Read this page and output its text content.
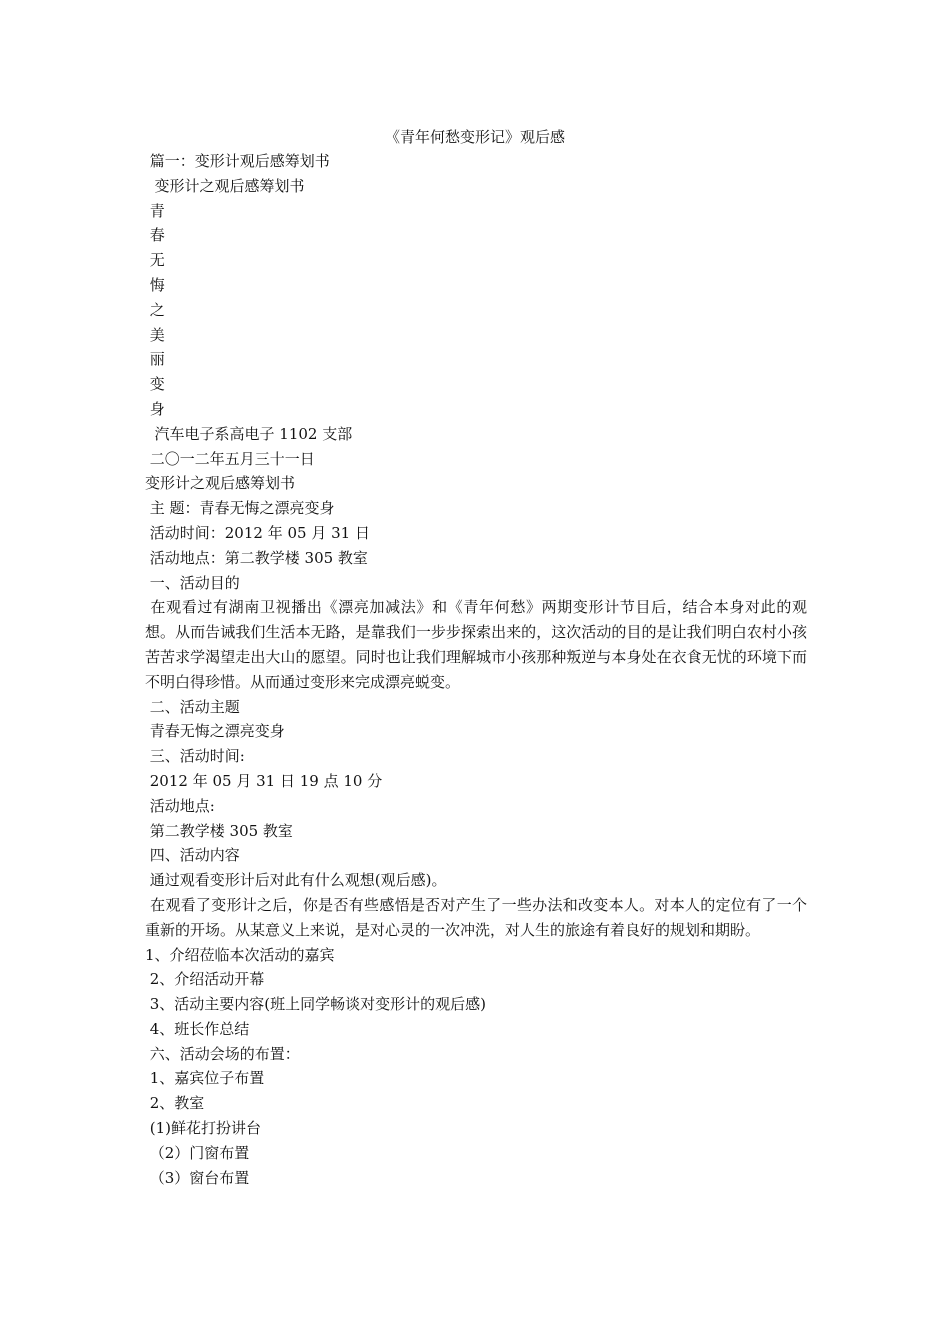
《青年何愁变形记》观后感
篇一：变形计观后感筹划书
变形计之观后感筹划书
青
春
无
悔
之
美
丽
变
身
汽车电子系高电子 1102 支部
二〇一二年五月三十一日
变形计之观后感筹划书
主 题：青春无悔之漂亮变身
活动时间：2012 年 05 月 31 日
活动地点：第二教学楼 305 教室
一、活动目的
在观看过有湖南卫视播出《漂亮加减法》和《青年何愁》两期变形计节目后，结合本身对此的观想。从而告诫我们生活本无路，是靠我们一步步探索出来的，这次活动的目的是让我们明白农村小孩苦苦求学渴望走出大山的愿望。同时也让我们理解城市小孩那种叛逆与本身处在衣食无忧的环境下而不明白得珍惜。从而通过变形来完成漂亮蜕变。
二、活动主题
青春无悔之漂亮变身
三、活动时间:
2012 年 05 月 31 日 19 点 10 分
活动地点:
第二教学楼 305 教室
四、活动内容
通过观看变形计后对此有什么观想(观后感)。
在观看了变形计之后，你是否有些感悟是否对产生了一些办法和改变本人。对本人的定位有了一个重新的开场。从某意义上来说，是对心灵的一次冲洗，对人生的旅途有着良好的规划和期盼。
1、介绍莅临本次活动的嘉宾
2、介绍活动开幕
3、活动主要内容(班上同学畅谈对变形计的观后感)
4、班长作总结
六、活动会场的布置：
1、嘉宾位子布置
2、教室
(1)鲜花打扮讲台
（2）门窗布置
（3）窗台布置
